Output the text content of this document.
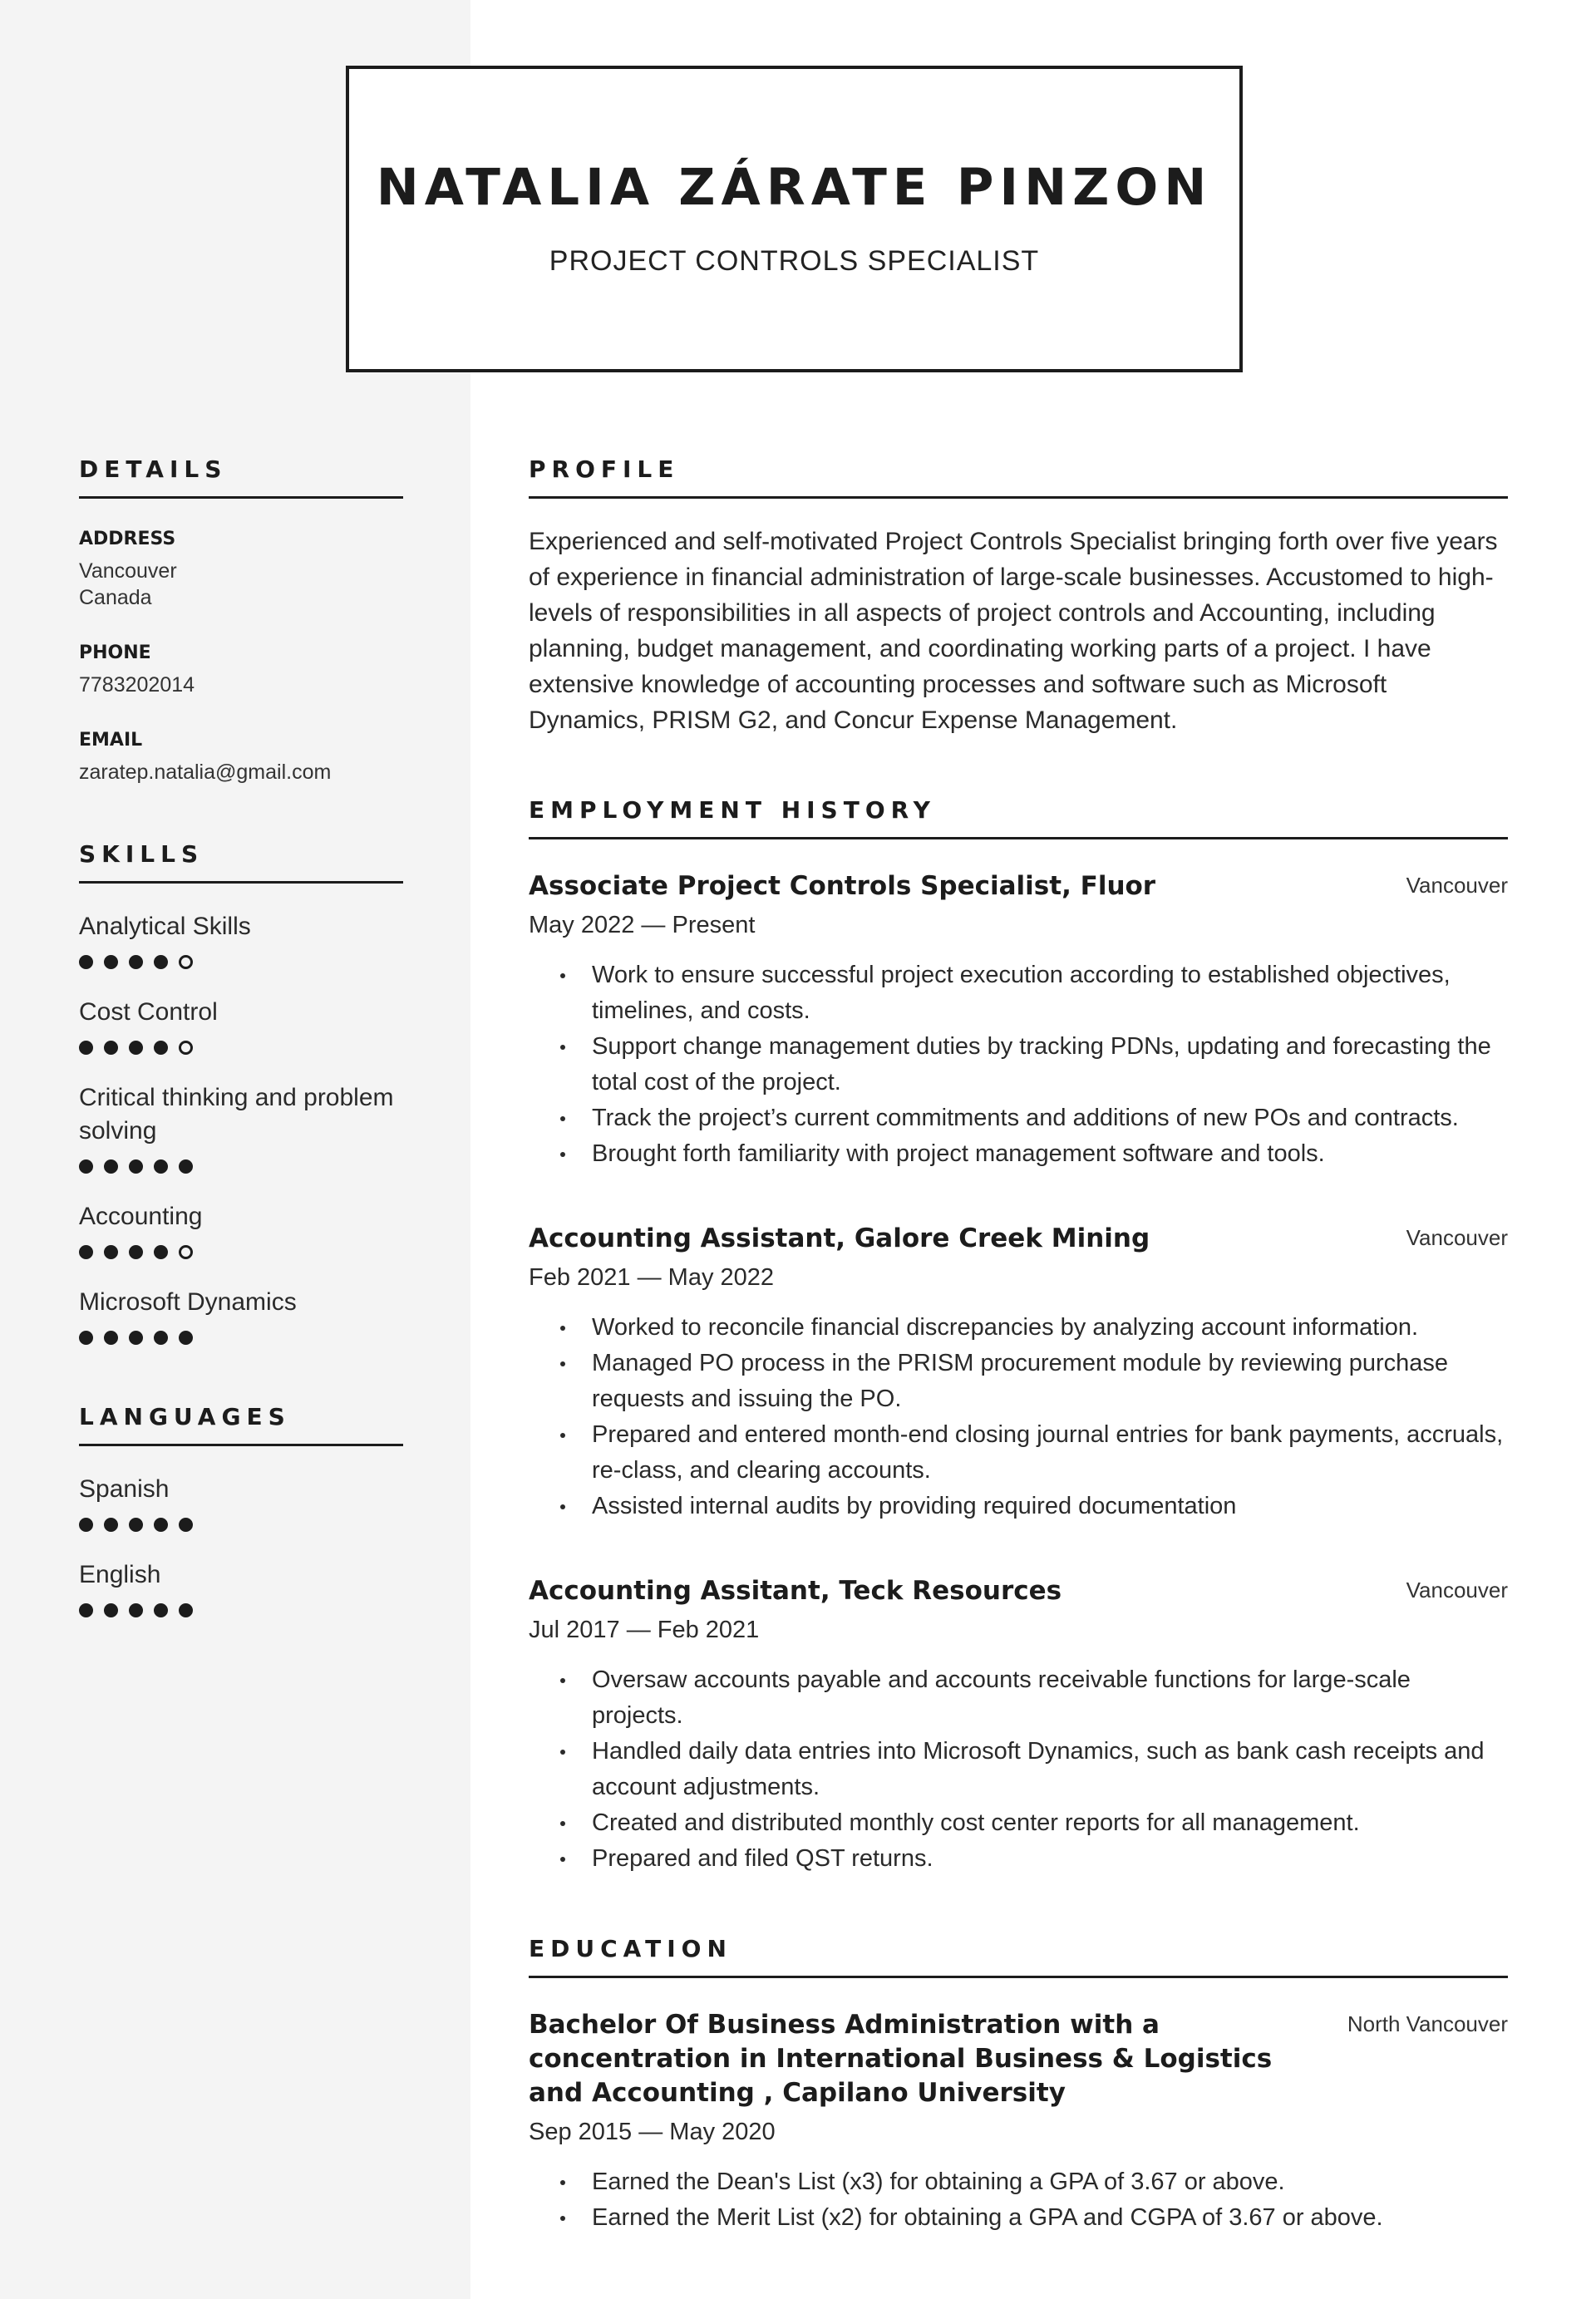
NATALIA ZÁRATE PINZON
PROJECT CONTROLS SPECIALIST
DETAILS
ADDRESS
Vancouver
Canada
PHONE
7783202014
EMAIL
zaratep.natalia@gmail.com
SKILLS
Analytical Skills
Cost Control
Critical thinking and problem solving
Accounting
Microsoft Dynamics
LANGUAGES
Spanish
English
PROFILE
Experienced and self-motivated Project Controls Specialist bringing forth over five years of experience in financial administration of large-scale businesses. Accustomed to high-levels of responsibilities in all aspects of project controls and Accounting, including planning, budget management, and coordinating working parts of a project. I have extensive knowledge of accounting processes and software such as Microsoft Dynamics, PRISM G2, and Concur Expense Management.
EMPLOYMENT HISTORY
Associate Project Controls Specialist, Fluor	Vancouver
May 2022 — Present
Work to ensure successful project execution according to established objectives, timelines, and costs.
Support change management duties by tracking PDNs, updating and forecasting the total cost of the project.
Track the project’s current commitments and additions of new POs and contracts.
Brought forth familiarity with project management software and tools.
Accounting Assistant, Galore Creek Mining	Vancouver
Feb 2021 — May 2022
Worked to reconcile financial discrepancies by analyzing account information.
Managed PO process in the PRISM procurement module by reviewing purchase requests and issuing the PO.
Prepared and entered month-end closing journal entries for bank payments, accruals, re-class, and clearing accounts.
Assisted internal audits by providing required documentation
Accounting Assitant, Teck Resources	Vancouver
Jul 2017 — Feb 2021
Oversaw accounts payable and accounts receivable functions for large-scale projects.
Handled daily data entries into Microsoft Dynamics, such as bank cash receipts and account adjustments.
Created and distributed monthly cost center reports for all management.
Prepared and filed QST returns.
EDUCATION
Bachelor Of Business Administration with a concentration in International Business & Logistics and Accounting , Capilano University
North Vancouver
Sep 2015 — May 2020
Earned the Dean's List (x3) for obtaining a GPA of 3.67 or above.
Earned the Merit List (x2) for obtaining a GPA and CGPA of 3.67 or above.
